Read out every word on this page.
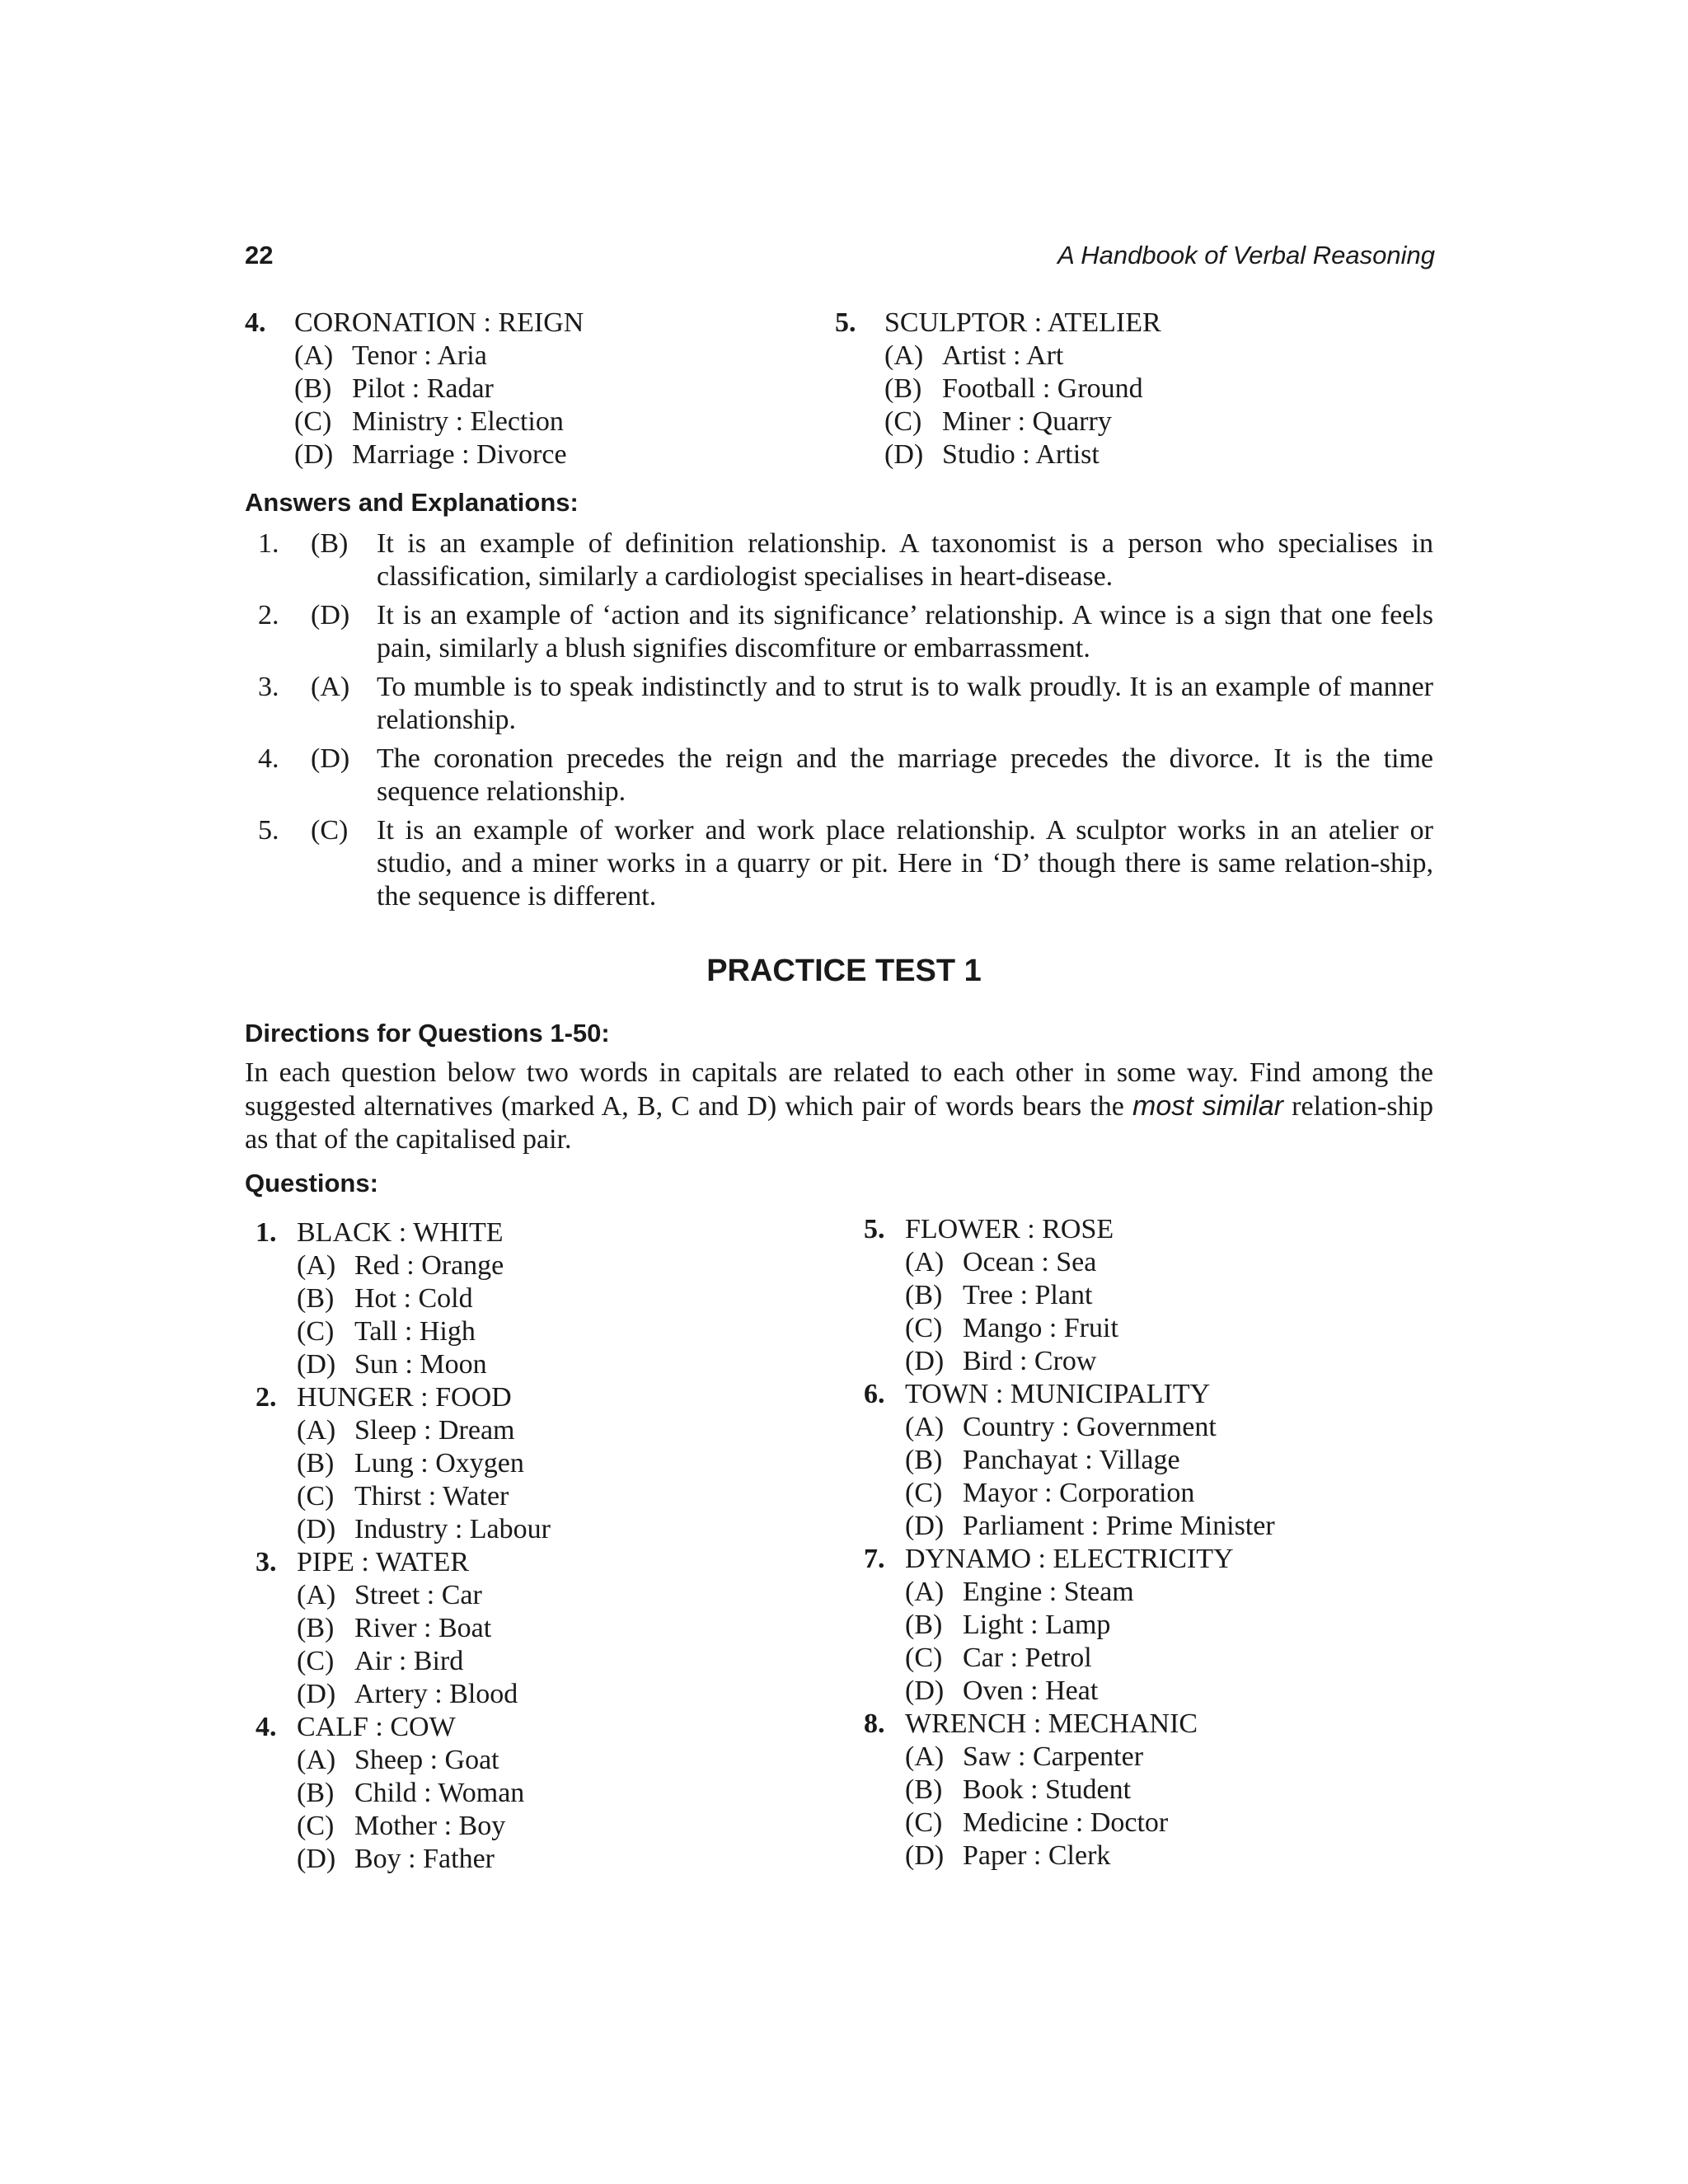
22	A Handbook of Verbal Reasoning
4. CORONATION : REIGN
(A) Tenor : Aria
(B) Pilot : Radar
(C) Ministry : Election
(D) Marriage : Divorce
5. SCULPTOR : ATELIER
(A) Artist : Art
(B) Football : Ground
(C) Miner : Quarry
(D) Studio : Artist
Answers and Explanations:
1. (B) It is an example of definition relationship. A taxonomist is a person who specialises in classification, similarly a cardiologist specialises in heart-disease.
2. (D) It is an example of ‘action and its significance’ relationship. A wince is a sign that one feels pain, similarly a blush signifies discomfiture or embarrassment.
3. (A) To mumble is to speak indistinctly and to strut is to walk proudly. It is an example of manner relationship.
4. (D) The coronation precedes the reign and the marriage precedes the divorce. It is the time sequence relationship.
5. (C) It is an example of worker and work place relationship. A sculptor works in an atelier or studio, and a miner works in a quarry or pit. Here in ‘D’ though there is same relation-ship, the sequence is different.
PRACTICE TEST 1
Directions for Questions 1-50:
In each question below two words in capitals are related to each other in some way. Find among the suggested alternatives (marked A, B, C and D) which pair of words bears the most similar relation-ship as that of the capitalised pair.
Questions:
1. BLACK : WHITE
(A) Red : Orange
(B) Hot : Cold
(C) Tall : High
(D) Sun : Moon
2. HUNGER : FOOD
(A) Sleep : Dream
(B) Lung : Oxygen
(C) Thirst : Water
(D) Industry : Labour
3. PIPE : WATER
(A) Street : Car
(B) River : Boat
(C) Air : Bird
(D) Artery : Blood
4. CALF : COW
(A) Sheep : Goat
(B) Child : Woman
(C) Mother : Boy
(D) Boy : Father
5. FLOWER : ROSE
(A) Ocean : Sea
(B) Tree : Plant
(C) Mango : Fruit
(D) Bird : Crow
6. TOWN : MUNICIPALITY
(A) Country : Government
(B) Panchayat : Village
(C) Mayor : Corporation
(D) Parliament : Prime Minister
7. DYNAMO : ELECTRICITY
(A) Engine : Steam
(B) Light : Lamp
(C) Car : Petrol
(D) Oven : Heat
8. WRENCH : MECHANIC
(A) Saw : Carpenter
(B) Book : Student
(C) Medicine : Doctor
(D) Paper : Clerk
